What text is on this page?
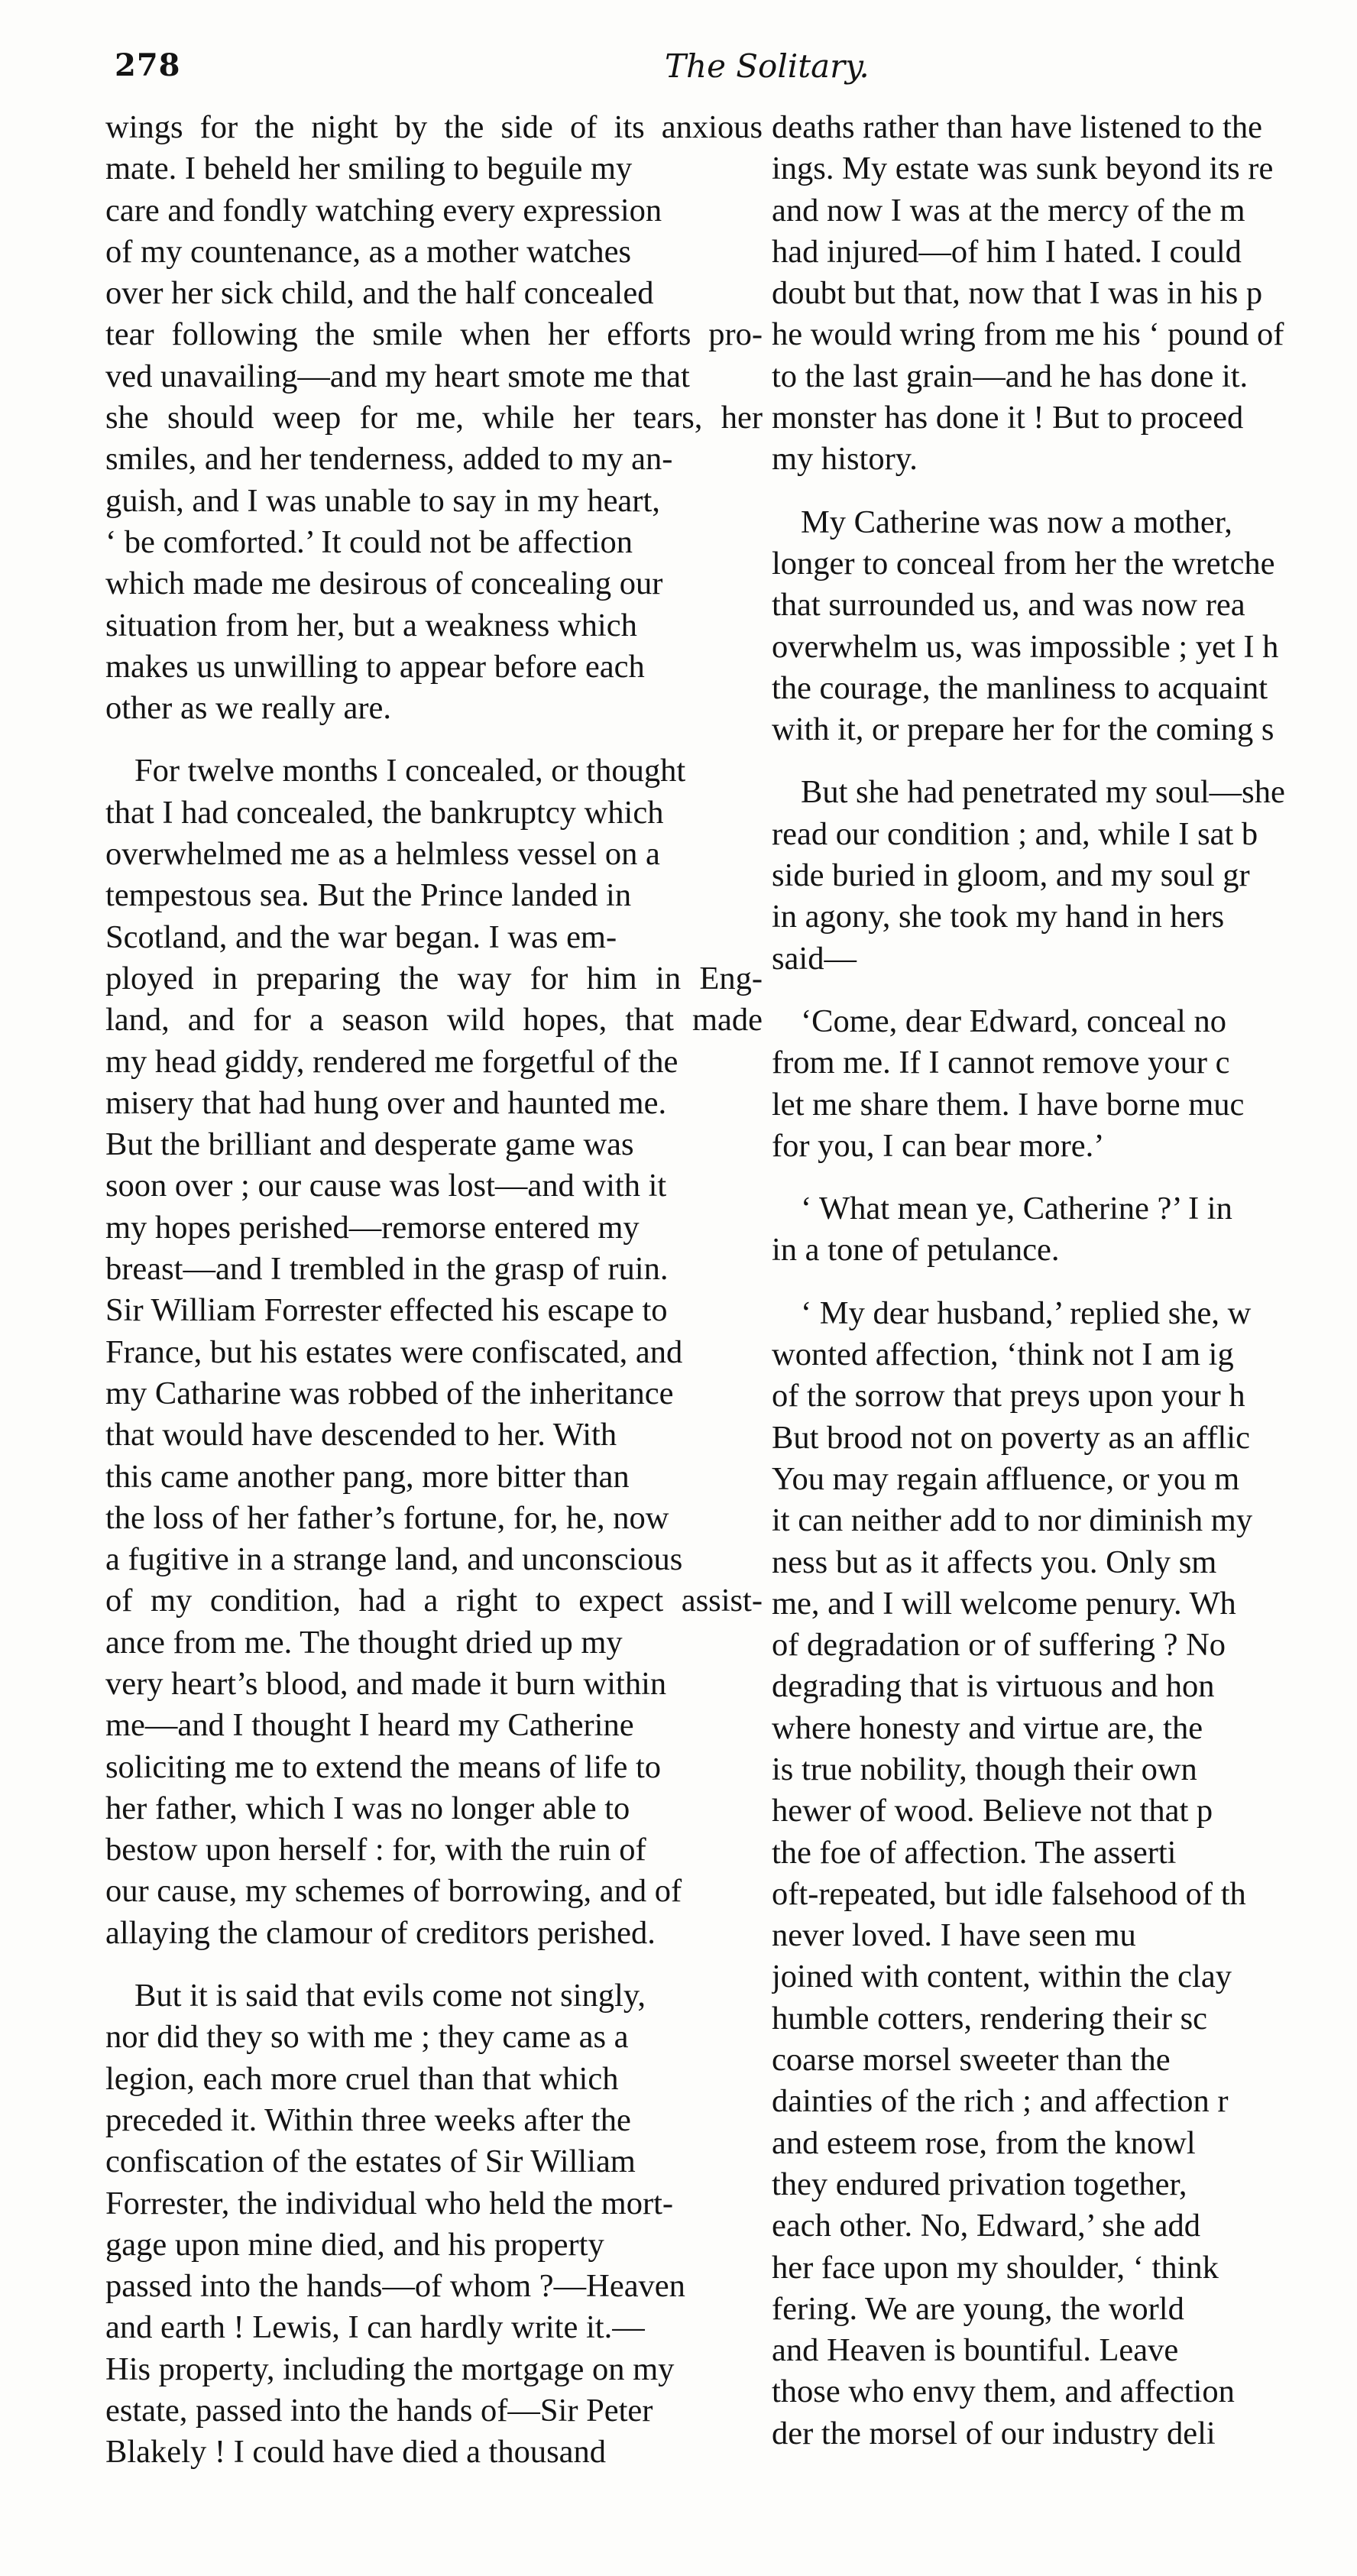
278	The Solitary.
wings for the night by the side of its anxious
mate. I beheld her smiling to beguile my
care and fondly watching every expression
of my countenance, as a mother watches
over her sick child, and the half concealed
tear following the smile when her efforts pro-
ved unavailing—and my heart smote me that
she should weep for me, while her tears, her
smiles, and her tenderness, added to my an-
guish, and I was unable to say in my heart,
‘ be comforted.’ It could not be affection
which made me desirous of concealing our
situation from her, but a weakness which
makes us unwilling to appear before each
other as we really are.
For twelve months I concealed, or thought
that I had concealed, the bankruptcy which
overwhelmed me as a helmless vessel on a
tempestous sea. But the Prince landed in
Scotland, and the war began. I was em-
ployed in preparing the way for him in Eng-
land, and for a season wild hopes, that made
my head giddy, rendered me forgetful of the
misery that had hung over and haunted me.
But the brilliant and desperate game was
soon over ; our cause was lost—and with it
my hopes perished—remorse entered my
breast—and I trembled in the grasp of ruin.
Sir William Forrester effected his escape to
France, but his estates were confiscated, and
my Catharine was robbed of the inheritance
that would have descended to her. With
this came another pang, more bitter than
the loss of her father’s fortune, for, he, now
a fugitive in a strange land, and unconscious
of my condition, had a right to expect assist-
ance from me. The thought dried up my
very heart’s blood, and made it burn within
me—and I thought I heard my Catherine
soliciting me to extend the means of life to
her father, which I was no longer able to
bestow upon herself : for, with the ruin of
our cause, my schemes of borrowing, and of
allaying the clamour of creditors perished.
But it is said that evils come not singly,
nor did they so with me ; they came as a
legion, each more cruel than that which
preceded it. Within three weeks after the
confiscation of the estates of Sir William
Forrester, the individual who held the mort-
gage upon mine died, and his property
passed into the hands—of whom ?—Heaven
and earth ! Lewis, I can hardly write it.—
His property, including the mortgage on my
estate, passed into the hands of—Sir Peter
Blakely ! I could have died a thousand
deaths rather than have listened to the
ings. My estate was sunk beyond its re
and now I was at the mercy of the m
had injured—of him I hated. I could
doubt but that, now that I was in his p
he would wring from me his ‘ pound of
to the last grain—and he has done it.
monster has done it ! But to proceed
my history.
My Catherine was now a mother,
longer to conceal from her the wretche
that surrounded us, and was now rea
overwhelm us, was impossible ; yet I h
the courage, the manliness to acquaint
with it, or prepare her for the coming s
But she had penetrated my soul—she
read our condition ; and, while I sat b
side buried in gloom, and my soul gr
in agony, she took my hand in hers
said—
‘Come, dear Edward, conceal no
from me. If I cannot remove your c
let me share them. I have borne muc
for you, I can bear more.’
‘ What mean ye, Catherine ?’ I in
in a tone of petulance.
‘ My dear husband,’ replied she, w
wonted affection, ‘think not I am ig
of the sorrow that preys upon your h
But brood not on poverty as an afflic
You may regain affluence, or you m
it can neither add to nor diminish my
ness but as it affects you. Only sm
me, and I will welcome penury. Wh
of degradation or of suffering ? No
degrading that is virtuous and hon
where honesty and virtue are, the
is true nobility, though their own
hewer of wood. Believe not that p
the foe of affection. The asserti
oft-repeated, but idle falsehood of th
never loved. I have seen mu
joined with content, within the clay
humble cotters, rendering their sc
coarse morsel sweeter than the
dainties of the rich ; and affection r
and esteem rose, from the knowl
they endured privation together,
each other. No, Edward,’ she add
her face upon my shoulder, ‘ think
fering. We are young, the world
and Heaven is bountiful. Leave
those who envy them, and affection
der the morsel of our industry deli
